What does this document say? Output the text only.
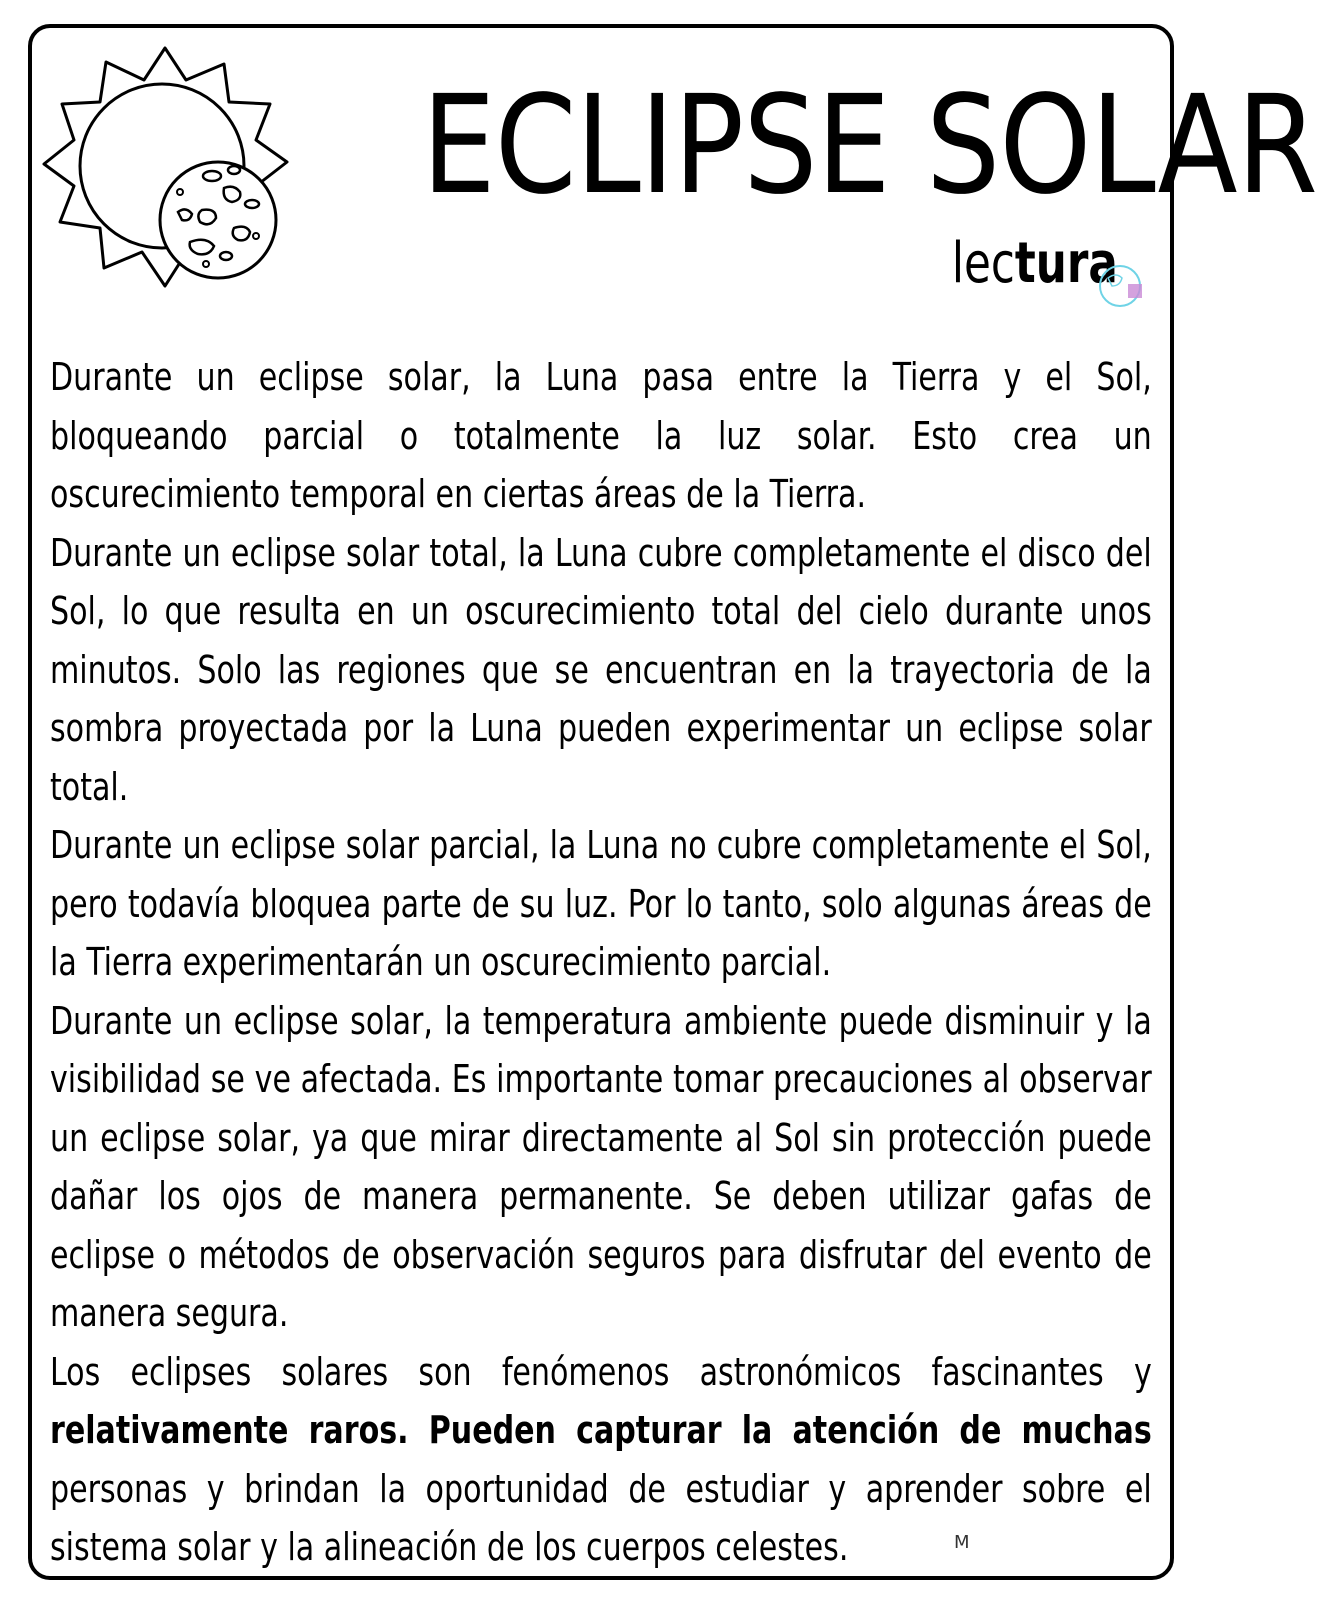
ECLIPSE SOLAR
lectura

Durante un eclipse solar, la Luna pasa entre la Tierra y el Sol, bloqueando parcial o totalmente la luz solar. Esto crea un oscurecimiento temporal en ciertas áreas de la Tierra.

Durante un eclipse solar total, la Luna cubre completamente el disco del Sol, lo que resulta en un oscurecimiento total del cielo durante unos minutos. Solo las regiones que se encuentran en la trayectoria de la sombra proyectada por la Luna pueden experimentar un eclipse solar total.

Durante un eclipse solar parcial, la Luna no cubre completamente el Sol, pero todavía bloquea parte de su luz. Por lo tanto, solo algunas áreas de la Tierra experimentarán un oscurecimiento parcial.

Durante un eclipse solar, la temperatura ambiente puede disminuir y la visibilidad se ve afectada. Es importante tomar precauciones al observar un eclipse solar, ya que mirar directamente al Sol sin protección puede dañar los ojos de manera permanente. Se deben utilizar gafas de eclipse o métodos de observación seguros para disfrutar del evento de manera segura.

Los eclipses solares son fenómenos astronómicos fascinantes y relativamente raros. Pueden capturar la atención de muchas personas y brindan la oportunidad de estudiar y aprender sobre el sistema solar y la alineación de los cuerpos celestes.	M
